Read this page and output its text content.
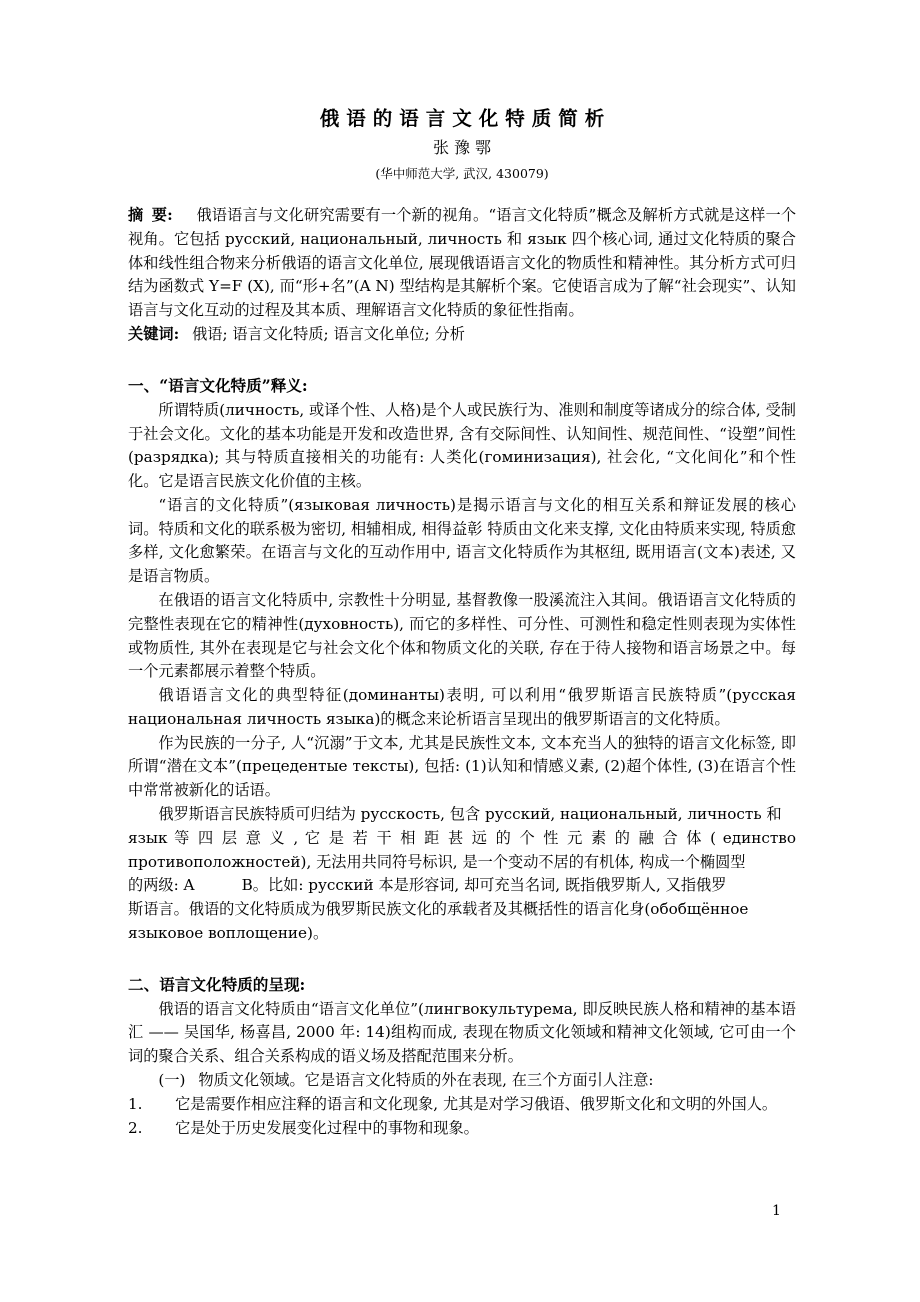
俄语的语言文化特质简析
张豫鄂
(华中师范大学, 武汉, 430079)

摘要: 俄语语言与文化研究需要有一个新的视角。“语言文化特质”概念及解析方式就是这样一个视角。它包括 русский, национальный, личность 和 язык 四个核心词, 通过文化特质的聚合体和线性组合物来分析俄语的语言文化单位, 展现俄语语言文化的物质性和精神性。其分析方式可归结为函数式 Y=F (X), 而“形+名”(A N) 型结构是其解析个案。它使语言成为了解“社会现实”、认知语言与文化互动的过程及其本质、理解语言文化特质的象征性指南。

关键词: 俄语; 语言文化特质; 语言文化单位; 分析

一、“语言文化特质”释义:

所谓特质(личность, 或译个性、人格)是个人或民族行为、准则和制度等诸成分的综合体, 受制于社会文化。文化的基本功能是开发和改造世界, 含有交际间性、认知间性、规范间性、“设塑”间性(разрядка); 其与特质直接相关的功能有: 人类化(гоминизация), 社会化, “文化间化”和个性化。它是语言民族文化价值的主核。

“语言的文化特质”(языковая личность)是揭示语言与文化的相互关系和辩证发展的核心词。特质和文化的联系极为密切, 相辅相成, 相得益彰 特质由文化来支撑, 文化由特质来实现, 特质愈多样, 文化愈繁荣。在语言与文化的互动作用中, 语言文化特质作为其枢纽, 既用语言(文本)表述, 又是语言物质。

在俄语的语言文化特质中, 宗教性十分明显, 基督教像一股溪流注入其间。俄语语言文化特质的完整性表现在它的精神性(духовность), 而它的多样性、可分性、可测性和稳定性则表现为实体性或物质性, 其外在表现是它与社会文化个体和物质文化的关联, 存在于待人接物和语言场景之中。每一个元素都展示着整个特质。

俄语语言文化的典型特征(доминанты)表明, 可以利用“俄罗斯语言民族特质”(русская национальная личность языка)的概念来论析语言呈现出的俄罗斯语言的文化特质。

作为民族的一分子, 人“沉溺”于文本, 尤其是民族性文本, 文本充当人的独特的语言文化标签, 即所谓“潜在文本”(прецедентые тексты), 包括: (1)认知和情感义素, (2)超个体性, (3)在语言个性中常常被新化的话语。

俄罗斯语言民族特质可归结为 русскость, 包含 русский, национальный, личность 和

язык 等 四 层 意 义 , 它 是 若 干 相 距 甚 远 的 个 性 元 素 的 融 合 体 ( единство

противоположностей), 无法用共同符号标识, 是一个变动不居的有机体, 构成一个椭圆型

的两级: A	B。比如: русский 本是形容词, 却可充当名词, 既指俄罗斯人, 又指俄罗

斯语言。俄语的文化特质成为俄罗斯民族文化的承载者及其概括性的语言化身(обобщённое

языковое воплощение)。

二、语言文化特质的呈现:

俄语的语言文化特质由“语言文化单位”(лингвокультурема, 即反映民族人格和精神的基本语汇 —— 吴国华, 杨喜昌, 2000 年: 14)组构而成, 表现在物质文化领域和精神文化领域, 它可由一个词的聚合关系、组合关系构成的语义场及搭配范围来分析。

(一) 物质文化领域。它是语言文化特质的外在表现, 在三个方面引人注意:

1. 它是需要作相应注释的语言和文化现象, 尤其是对学习俄语、俄罗斯文化和文明的外国人。
2. 它是处于历史发展变化过程中的事物和现象。
1
